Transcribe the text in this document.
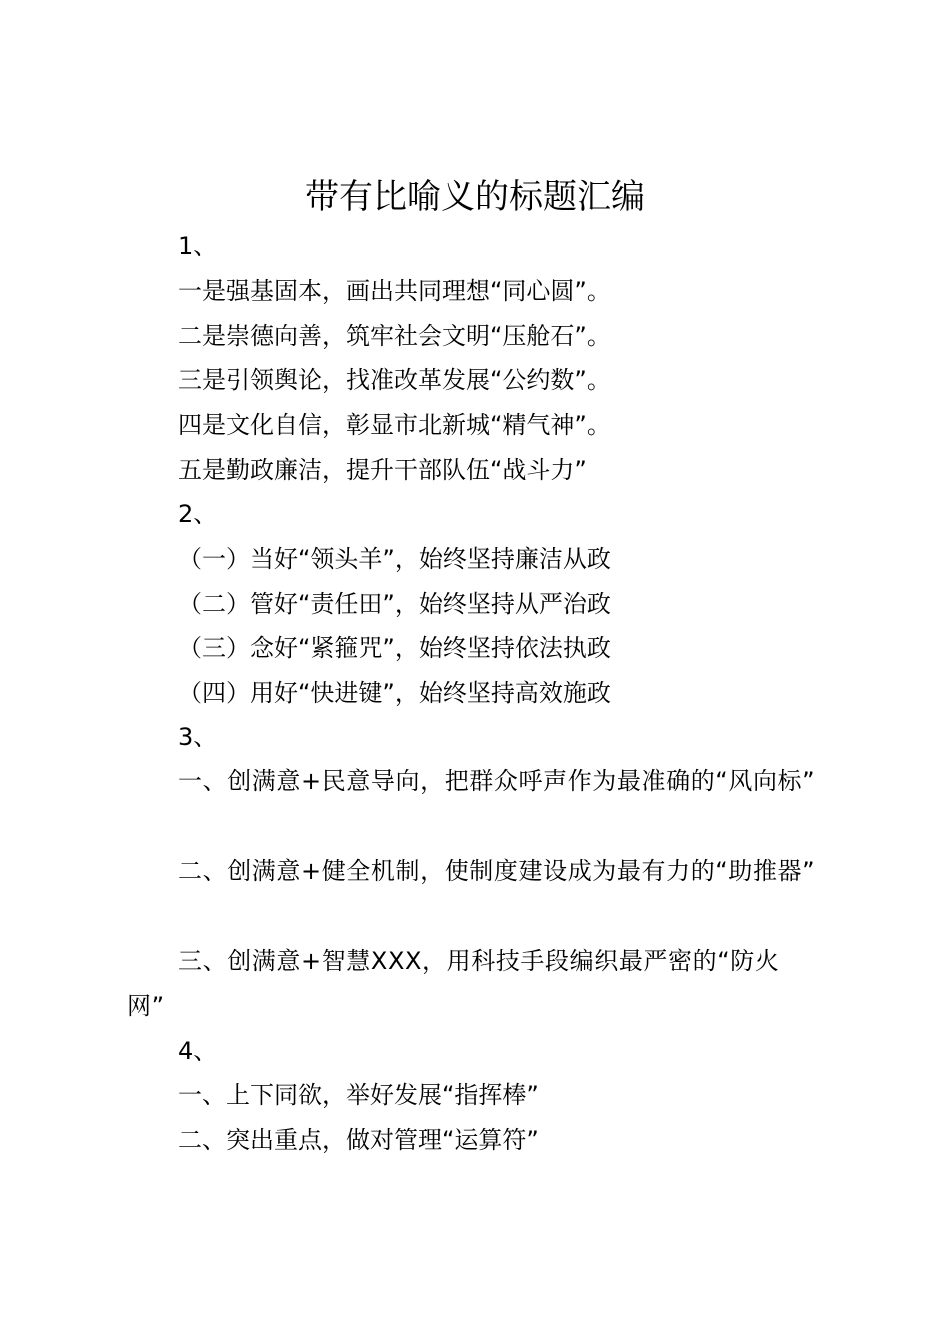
带有比喻义的标题汇编
1、
一是强基固本，画出共同理想“同心圆”。
二是崇德向善，筑牢社会文明“压舱石”。
三是引领舆论，找准改革发展“公约数”。
四是文化自信，彰显市北新城“精气神”。
五是勤政廉洁，提升干部队伍“战斗力”
2、
（一）当好“领头羊”，始终坚持廉洁从政
（二）管好“责任田”，始终坚持从严治政
（三）念好“紧箍咒”，始终坚持依法执政
（四）用好“快进键”，始终坚持高效施政
3、
一、创满意+民意导向，把群众呼声作为最准确的“风向标”
二、创满意+健全机制，使制度建设成为最有力的“助推器”
三、创满意+智慧XXX，用科技手段编织最严密的“防火网”
4、
一、上下同欲，举好发展“指挥棒”
二、突出重点，做对管理“运算符”
